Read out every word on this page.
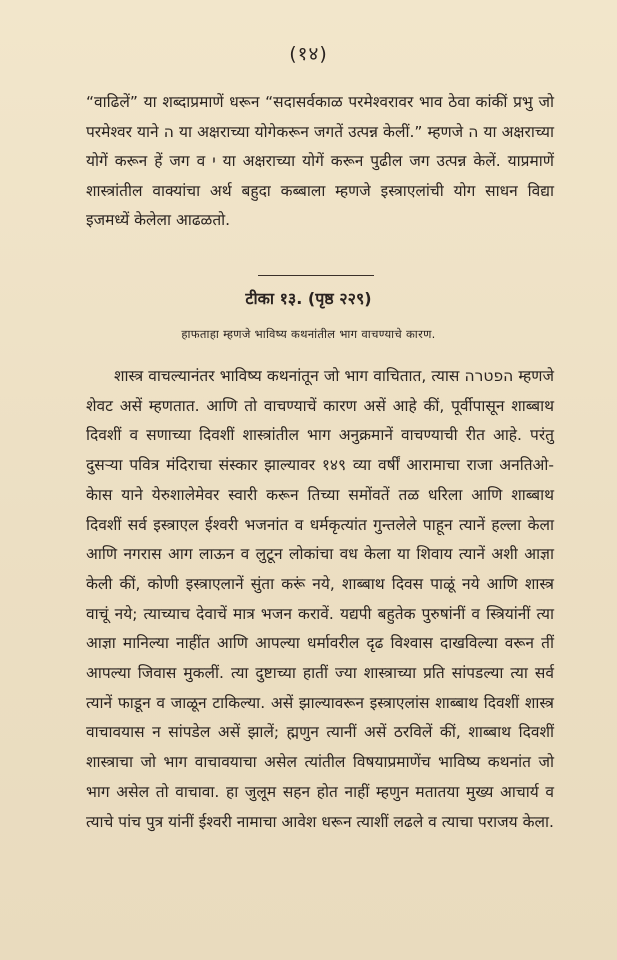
(१४)

“वाढिलें” या शब्दाप्रमाणें धरून “सदासर्वकाळ परमेश्वरावर भाव ठेवा कांकीं प्रभु जो परमेश्वर याने ה या अक्षराच्या योगेकरून जगतें उत्पन्न केलीं.” म्हणजे ה या अक्षराच्या योगें करून हें जग व י या अक्षराच्या योगें करून पुढील जग उत्पन्न केलें. याप्रमाणें शास्त्रांतील वाक्यांचा अर्थ बहुदा कब्बाला म्हणजे इस्त्राएलांची योग साधन विद्या इजमध्यें केलेला आढळतो.

टीका १३. (पृष्ठ २२९)
हाफताहा म्हणजे भाविष्य कथनांतील भाग वाचण्याचे कारण.

शास्त्र वाचल्यानंतर भाविष्य कथनांतून जो भाग वाचितात, त्यास הפטרה म्हणजे शेवट असें म्हणतात. आणि तो वाचण्याचें कारण असें आहे कीं, पूर्वीपासून शाब्बाथ दिवशीं व सणाच्या दिवशीं शास्त्रांतील भाग अनुक्रमानें वाचण्याची रीत आहे. परंतु दुसऱ्या पवित्र मंदिराचा संस्कार झाल्यावर १४९ व्या वर्षीं आरामाचा राजा अनतिओ-केास याने येरुशालेमेवर स्वारी करून तिच्या समोंवतें तळ धरिला आणि शाब्बाथ दिवशीं सर्व इस्त्राएल ईश्वरी भजनांत व धर्मकृत्यांत गुन्तलेले पाहून त्यानें हल्ला केला आणि नगरास आग लाऊन व लुटून लोकांचा वध केला या शिवाय त्यानें अशी आज्ञा केली कीं, कोणी इस्त्राएलानें सुंता करूं नये, शाब्बाथ दिवस पाळूं नये आणि शास्त्र वाचूं नये; त्याच्याच देवाचें मात्र भजन करावें. यद्यपी बहुतेक पुरुषांनीं व स्त्रियांनीं त्या आज्ञा मानिल्या नाहींत आणि आपल्या धर्मावरील दृढ विश्वास दाखविल्या वरून तीं आपल्या जिवास मुकलीं. त्या दुष्टाच्या हातीं ज्या शास्त्राच्या प्रति सांपडल्या त्या सर्व त्यानें फाडून व जाळून टाकिल्या. असें झाल्यावरून इस्त्राएलांस शाब्बाथ दिवशीं शास्त्र वाचावयास न सांपडेल असें झालें; ह्मणुन त्यानीं असें ठरविलें कीं, शाब्बाथ दिवशीं शास्त्राचा जो भाग वाचावयाचा असेल त्यांतील विषयाप्रमाणेंच भाविष्य कथनांत जो भाग असेल तो वाचावा. हा जुलूम सहन होत नाहीं म्हणुन मतातया मुख्य आचार्य व त्याचे पांच पुत्र यांनीं ईश्वरी नामाचा आवेश धरून त्याशीं लढले व त्याचा पराजय केला.
